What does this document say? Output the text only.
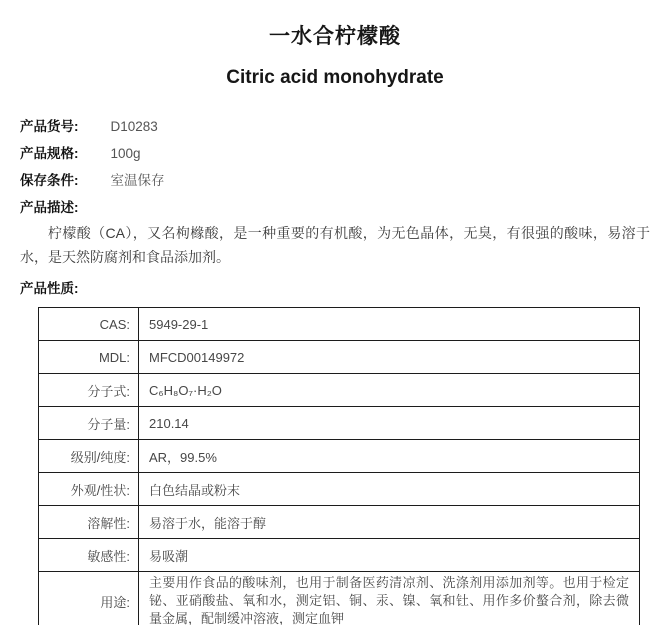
一水合柠檬酸
Citric acid monohydrate
产品货号: D10283
产品规格: 100g
保存条件: 室温保存
产品描述:

柠檬酸（CA），又名枸橼酸，是一种重要的有机酸，为无色晶体，无臭，有很强的酸味，易溶于水，是天然防腐剂和食品添加剂。

产品性质:
CAS:	5949-29-1
MDL:	MFCD00149972
分子式:	C₆H₈O₇·H₂O
分子量:	210.14
级别/纯度:	AR，99.5%
外观/性状:	白色结晶或粉末
溶解性:	易溶于水，能溶于醇
敏感性:	易吸潮
用途:	主要用作食品的酸味剂，也用于制备医药清凉剂、洗涤剂用添加剂等。也用于检定铋、亚硝酸盐、氧和水，测定铝、铜、汞、镍、氧和钍、用作多价螯合剂，除去微量金属，配制缓冲溶液，测定血钾
